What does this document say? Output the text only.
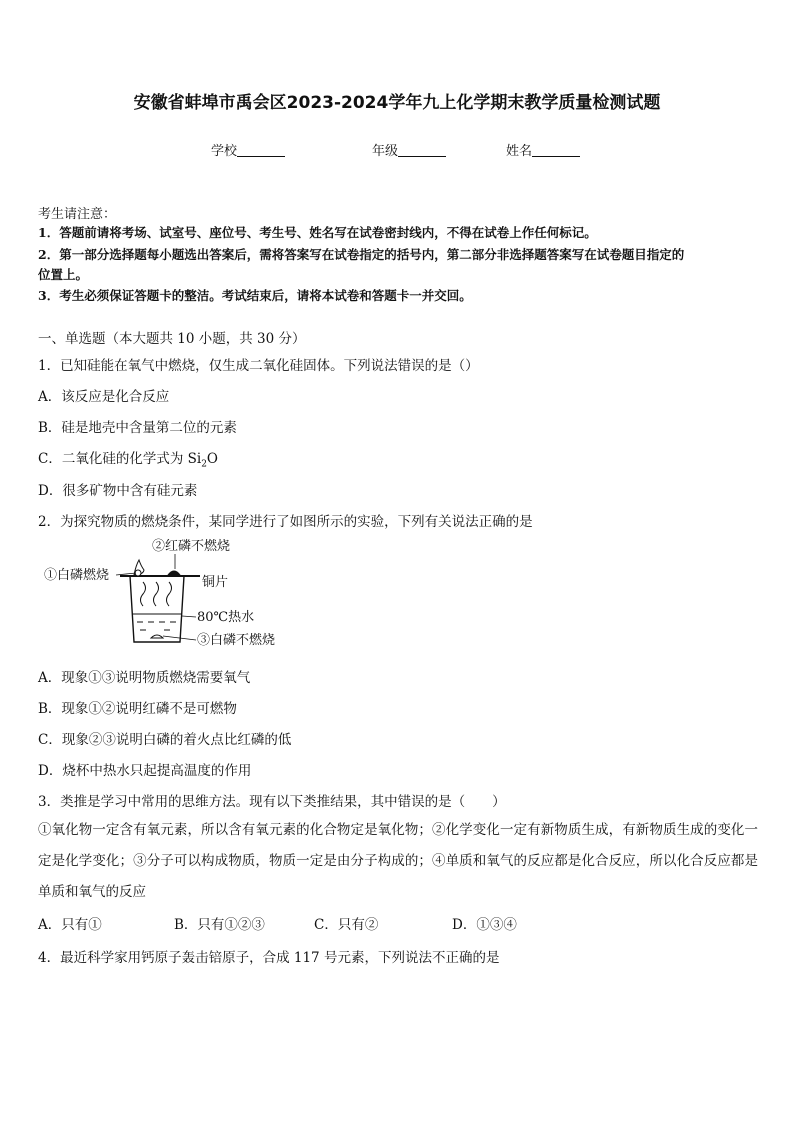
安徽省蚌埠市禹会区2023-2024学年九上化学期末教学质量检测试题
学校	年级	姓名
考生请注意：
1．答题前请将考场、试室号、座位号、考生号、姓名写在试卷密封线内，不得在试卷上作任何标记。
2．第一部分选择题每小题选出答案后，需将答案写在试卷指定的括号内，第二部分非选择题答案写在试卷题目指定的
位置上。
3．考生必须保证答题卡的整洁。考试结束后，请将本试卷和答题卡一并交回。
一、单选题（本大题共 10 小题，共 30 分）
1．已知硅能在氧气中燃烧，仅生成二氧化硅固体。下列说法错误的是（）
A．该反应是化合反应
B．硅是地壳中含量第二位的元素
C．二氧化硅的化学式为 $Si_2O$
D．很多矿物中含有硅元素
2．为探究物质的燃烧条件，某同学进行了如图所示的实验，下列有关说法正确的是
②红磷不燃烧
①白磷燃烧	铜片
80℃热水
③白磷不燃烧
A．现象①③说明物质燃烧需要氧气
B．现象①②说明红磷不是可燃物
C．现象②③说明白磷的着火点比红磷的低
D．烧杯中热水只起提高温度的作用
3．类推是学习中常用的思维方法。现有以下类推结果，其中错误的是（　　）
①氧化物一定含有氧元素，所以含有氧元素的化合物定是氧化物；②化学变化一定有新物质生成，有新物质生成的变化一定是化学变化；③分子可以构成物质，物质一定是由分子构成的；④单质和氧气的反应都是化合反应，所以化合反应都是单质和氧气的反应
A．只有①	B．只有①②③	C．只有②	D．①③④
4．最近科学家用钙原子轰击锫原子，合成 117 号元素，下列说法不正确的是
